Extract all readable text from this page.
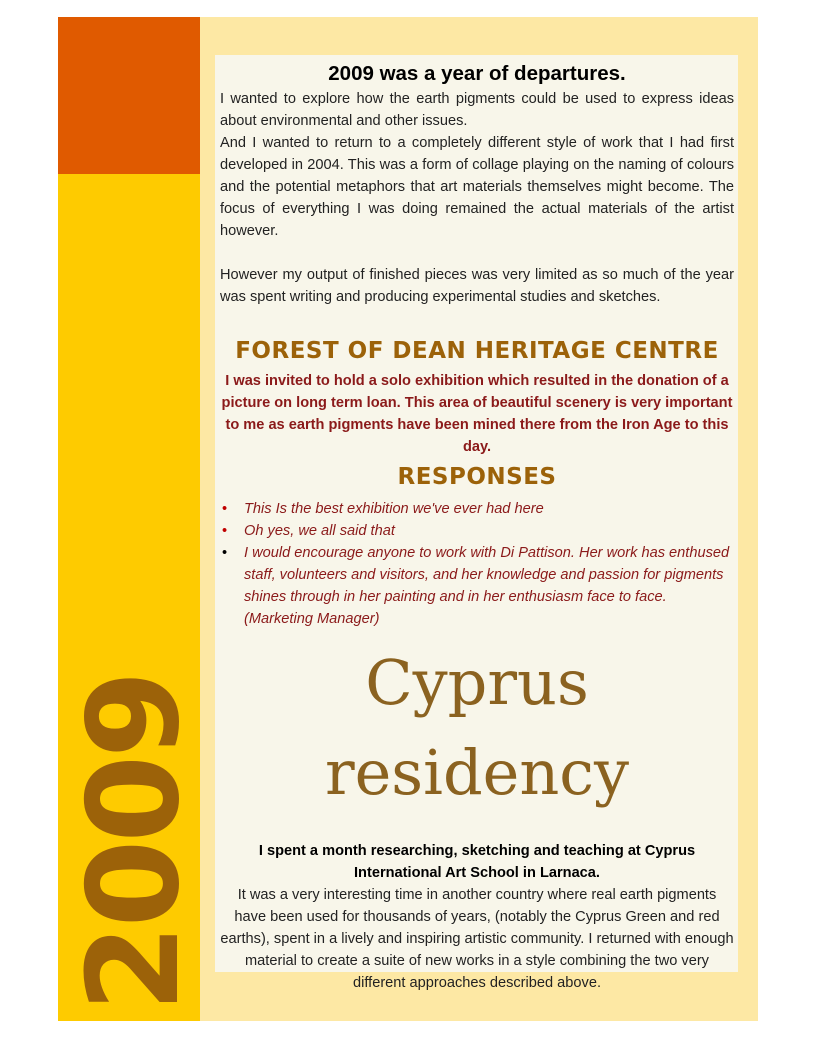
2009

2009 was a year of departures.

I wanted to explore how the earth pigments could be used to express ideas about environmental and other issues.

And I wanted to return to a completely different style of work that I had first developed in 2004. This was a form of collage playing on the naming of colours and the potential metaphors that art materials themselves might become. The focus of everything I was doing remained the actual materials of the artist however.

However my output of finished pieces was very limited as so much of the year was spent writing and producing experimental studies and sketches.

FOREST OF DEAN HERITAGE CENTRE

I was invited to hold a solo exhibition which resulted in the donation of a picture on long term loan. This area of beautiful scenery is very important to me as earth pigments have been mined there from the Iron Age to this day.

RESPONSES

• This Is the best exhibition we've ever had here
• Oh yes, we all said that
• I would encourage anyone to work with Di Pattison. Her work has enthused staff, volunteers and visitors, and her knowledge and passion for pigments shines through in her painting and in her enthusiasm face to face. (Marketing Manager)

Cyprus residency

I spent a month researching, sketching and teaching at Cyprus International Art School in Larnaca.

It was a very interesting time in another country where real earth pigments have been used for thousands of years, (notably the Cyprus Green and red earths), spent in a lively and inspiring artistic community. I returned with enough material to create a suite of new works in a style combining the two very different approaches described above.
